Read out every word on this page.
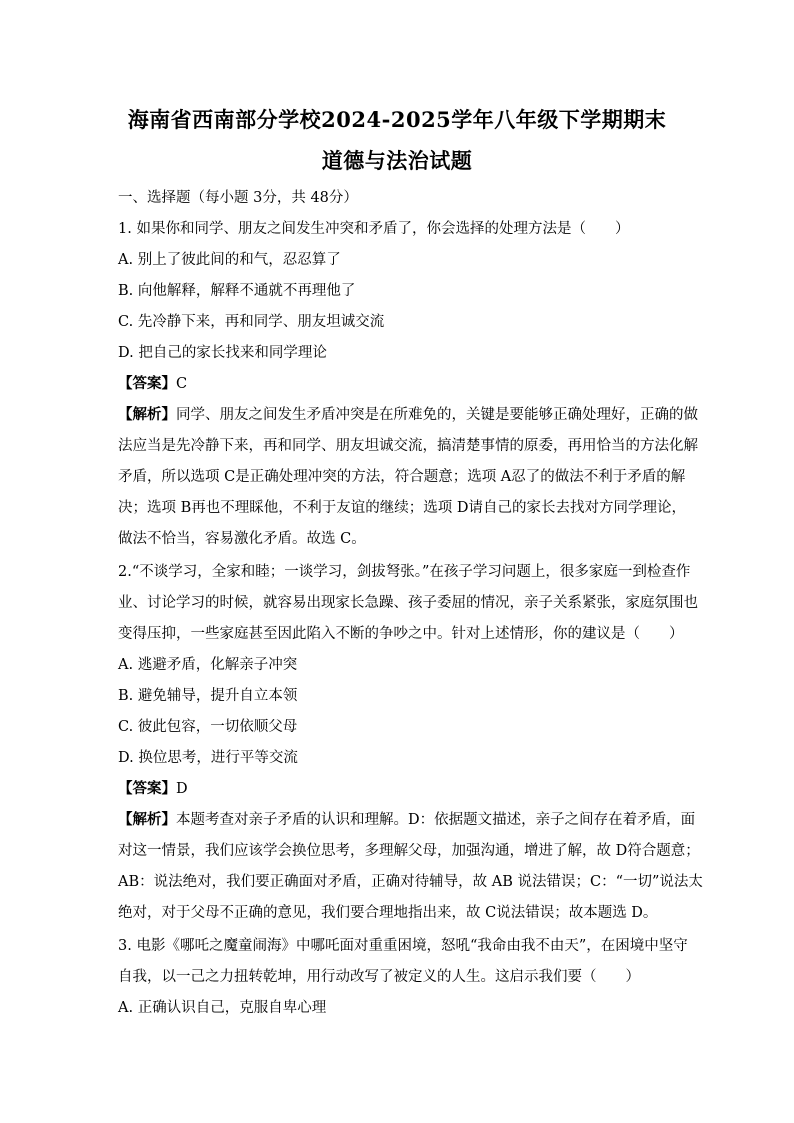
海南省西南部分学校2024-2025学年八年级下学期期末
道德与法治试题
一、选择题（每小题 3分，共 48分）
1. 如果你和同学、朋友之间发生冲突和矛盾了，你会选择的处理方法是（　　）
A. 别上了彼此间的和气，忍忍算了
B. 向他解释，解释不通就不再理他了
C. 先冷静下来，再和同学、朋友坦诚交流
D. 把自己的家长找来和同学理论
【答案】C
【解析】同学、朋友之间发生矛盾冲突是在所难免的，关键是要能够正确处理好，正确的做
法应当是先冷静下来，再和同学、朋友坦诚交流，搞清楚事情的原委，再用恰当的方法化解
矛盾，所以选项 C是正确处理冲突的方法，符合题意；选项 A忍了的做法不利于矛盾的解
决；选项 B再也不理睬他，不利于友谊的继续；选项 D请自己的家长去找对方同学理论，
做法不恰当，容易激化矛盾。故选 C。
2.“不谈学习，全家和睦；一谈学习，剑拔弩张。”在孩子学习问题上，很多家庭一到检查作
业、讨论学习的时候，就容易出现家长急躁、孩子委屈的情况，亲子关系紧张，家庭氛围也
变得压抑，一些家庭甚至因此陷入不断的争吵之中。针对上述情形，你的建议是（　　）
A. 逃避矛盾，化解亲子冲突
B. 避免辅导，提升自立本领
C. 彼此包容，一切依顺父母
D. 换位思考，进行平等交流
【答案】D
【解析】本题考查对亲子矛盾的认识和理解。D：依据题文描述，亲子之间存在着矛盾，面
对这一情景，我们应该学会换位思考，多理解父母，加强沟通，增进了解，故 D符合题意；
AB：说法绝对，我们要正确面对矛盾，正确对待辅导，故 AB 说法错误；C：“一切”说法太
绝对，对于父母不正确的意见，我们要合理地指出来，故 C说法错误；故本题选 D。
3. 电影《哪吒之魔童闹海》中哪吒面对重重困境，怒吼“我命由我不由天”，在困境中坚守
自我，以一己之力扭转乾坤，用行动改写了被定义的人生。这启示我们要（　　）
A. 正确认识自己，克服自卑心理
